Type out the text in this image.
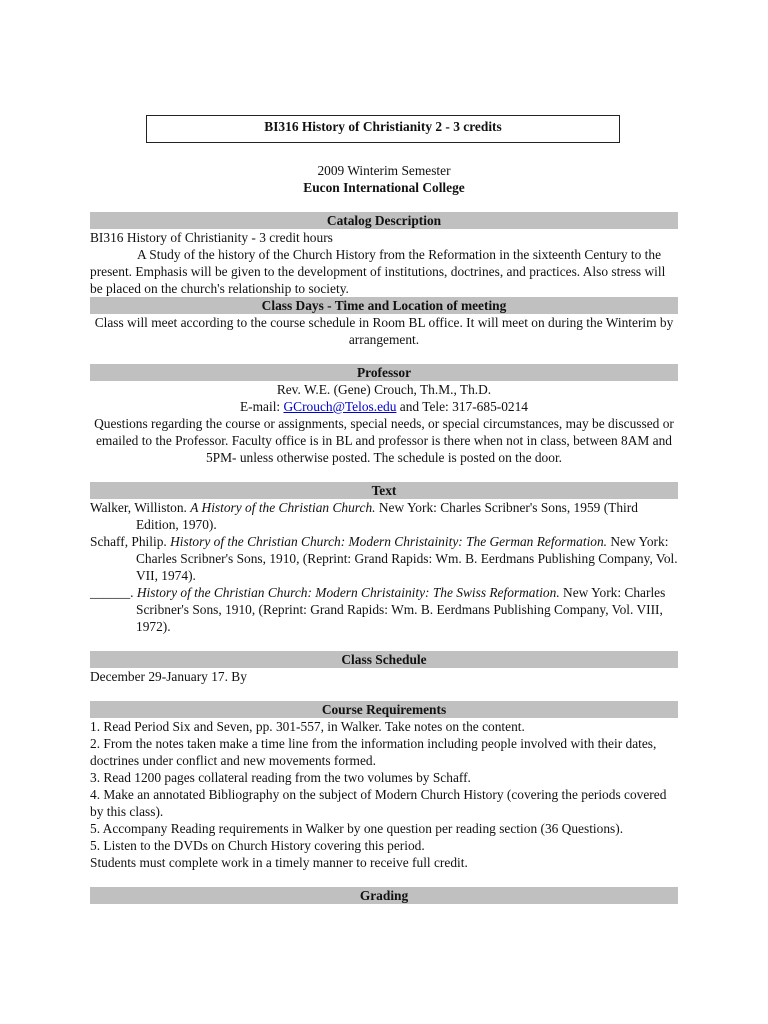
BI316 History of Christianity 2 - 3 credits

2009 Winterim Semester

Eucon International College

Catalog Description

BI316 History of Christianity - 3 credit hours

A Study of the history of the Church History from the Reformation in the sixteenth Century to the present. Emphasis will be given to the development of institutions, doctrines, and practices. Also stress will be placed on the church's relationship to society.

Class Days - Time and Location of meeting

Class will meet according to the course schedule in Room BL office. It will meet on during the Winterim by arrangement.

Professor

Rev. W.E. (Gene) Crouch, Th.M., Th.D.

E-mail: GCrouch@Telos.edu and Tele: 317-685-0214

Questions regarding the course or assignments, special needs, or special circumstances, may be discussed or emailed to the Professor. Faculty office is in BL and professor is there when not in class, between 8AM and 5PM- unless otherwise posted. The schedule is posted on the door.

Text

Walker, Williston. A History of the Christian Church. New York: Charles Scribner's Sons, 1959 (Third Edition, 1970).

Schaff, Philip. History of the Christian Church: Modern Christainity: The German Reformation. New York: Charles Scribner's Sons, 1910, (Reprint: Grand Rapids: Wm. B. Eerdmans Publishing Company, Vol. VII, 1974).

______. History of the Christian Church: Modern Christainity: The Swiss Reformation. New York: Charles Scribner's Sons, 1910, (Reprint: Grand Rapids: Wm. B. Eerdmans Publishing Company, Vol. VIII, 1972).

Class Schedule

December 29-January 17. By

Course Requirements

1. Read Period Six and Seven, pp. 301-557, in Walker. Take notes on the content.

2. From the notes taken make a time line from the information including people involved with their dates, doctrines under conflict and new movements formed.

3. Read 1200 pages collateral reading from the two volumes by Schaff.

4. Make an annotated Bibliography on the subject of Modern Church History (covering the periods covered by this class).

5. Accompany Reading requirements in Walker by one question per reading section (36 Questions).

5. Listen to the DVDs on Church History covering this period.

Students must complete work in a timely manner to receive full credit.

Grading
